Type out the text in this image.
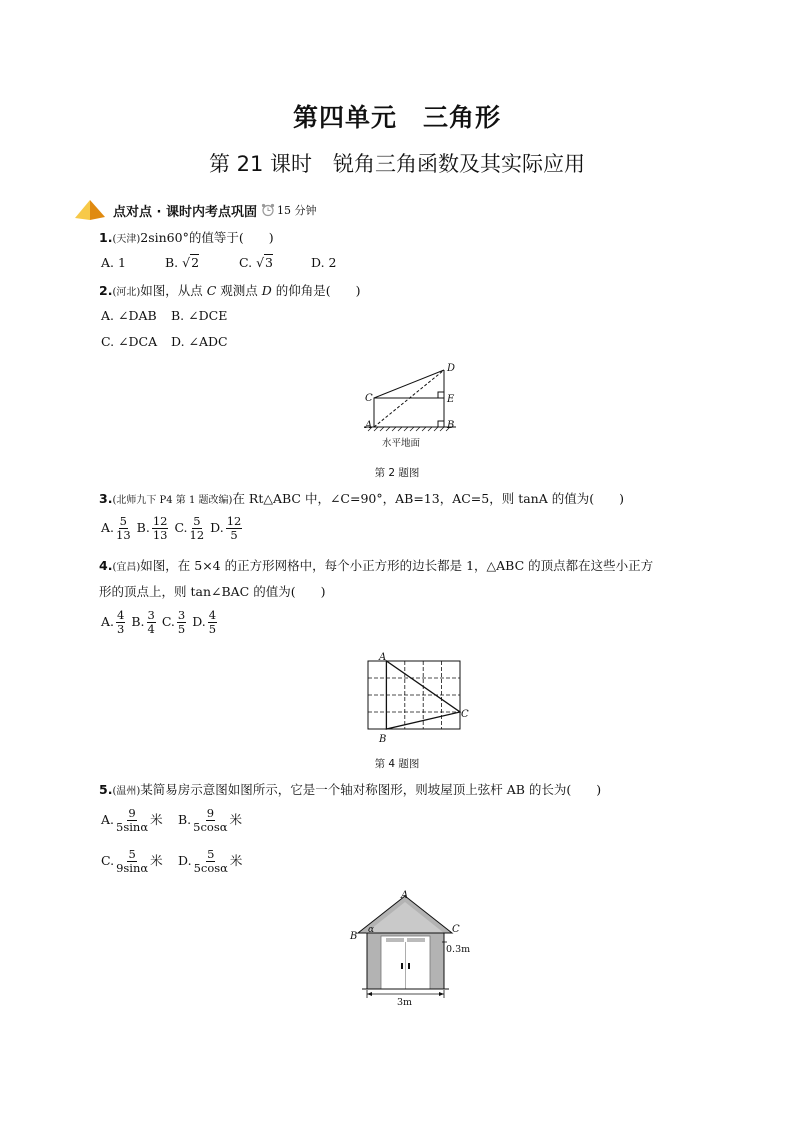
第四单元　三角形
第 21 课时　锐角三角函数及其实际应用
点对点 · 课时内考点巩固 15 分钟
1.(天津)2sin60°的值等于(　　)
A. 1	B. √2	C. √3	D. 2
2.(河北)如图，从点 C 观测点 D 的仰角是(　　)
A. ∠DAB B. ∠DCE
C. ∠DCA D. ∠ADC
D
E
B
C
A
水平地面
第 2 题图
3.(北师九下 P4 第 1 题改编)在 Rt△ABC 中，∠C=90°，AB=13，AC=5，则 tanA 的值为(　　)
A. $\frac{5}{13} B$. $\frac{12}{13} C$. $\frac{5}{12} D$. $\frac{12}{5}$
4.(宜昌)如图，在 5×4 的正方形网格中，每个小正方形的边长都是 1，△ABC 的顶点都在这些小正方
形的顶点上，则 tan∠BAC 的值为(　　)
A. $\frac{4}{3} B$. $\frac{3}{4} C$. $\frac{3}{5} D$. $\frac{4}{5}$
A
B
C
第 4 题图
5.(温州)某简易房示意图如图所示，它是一个轴对称图形，则坡屋顶上弦杆 AB 的长为(　　)
A. $\frac{9}{5\sin\alpha}$ 米 B. $\frac{9}{5\cos\alpha}$ 米
C. $\frac{5}{9\sin\alpha}$ 米 D. $\frac{5}{5\cos\alpha}$ 米
A
B
C
α
0.3m
3m
